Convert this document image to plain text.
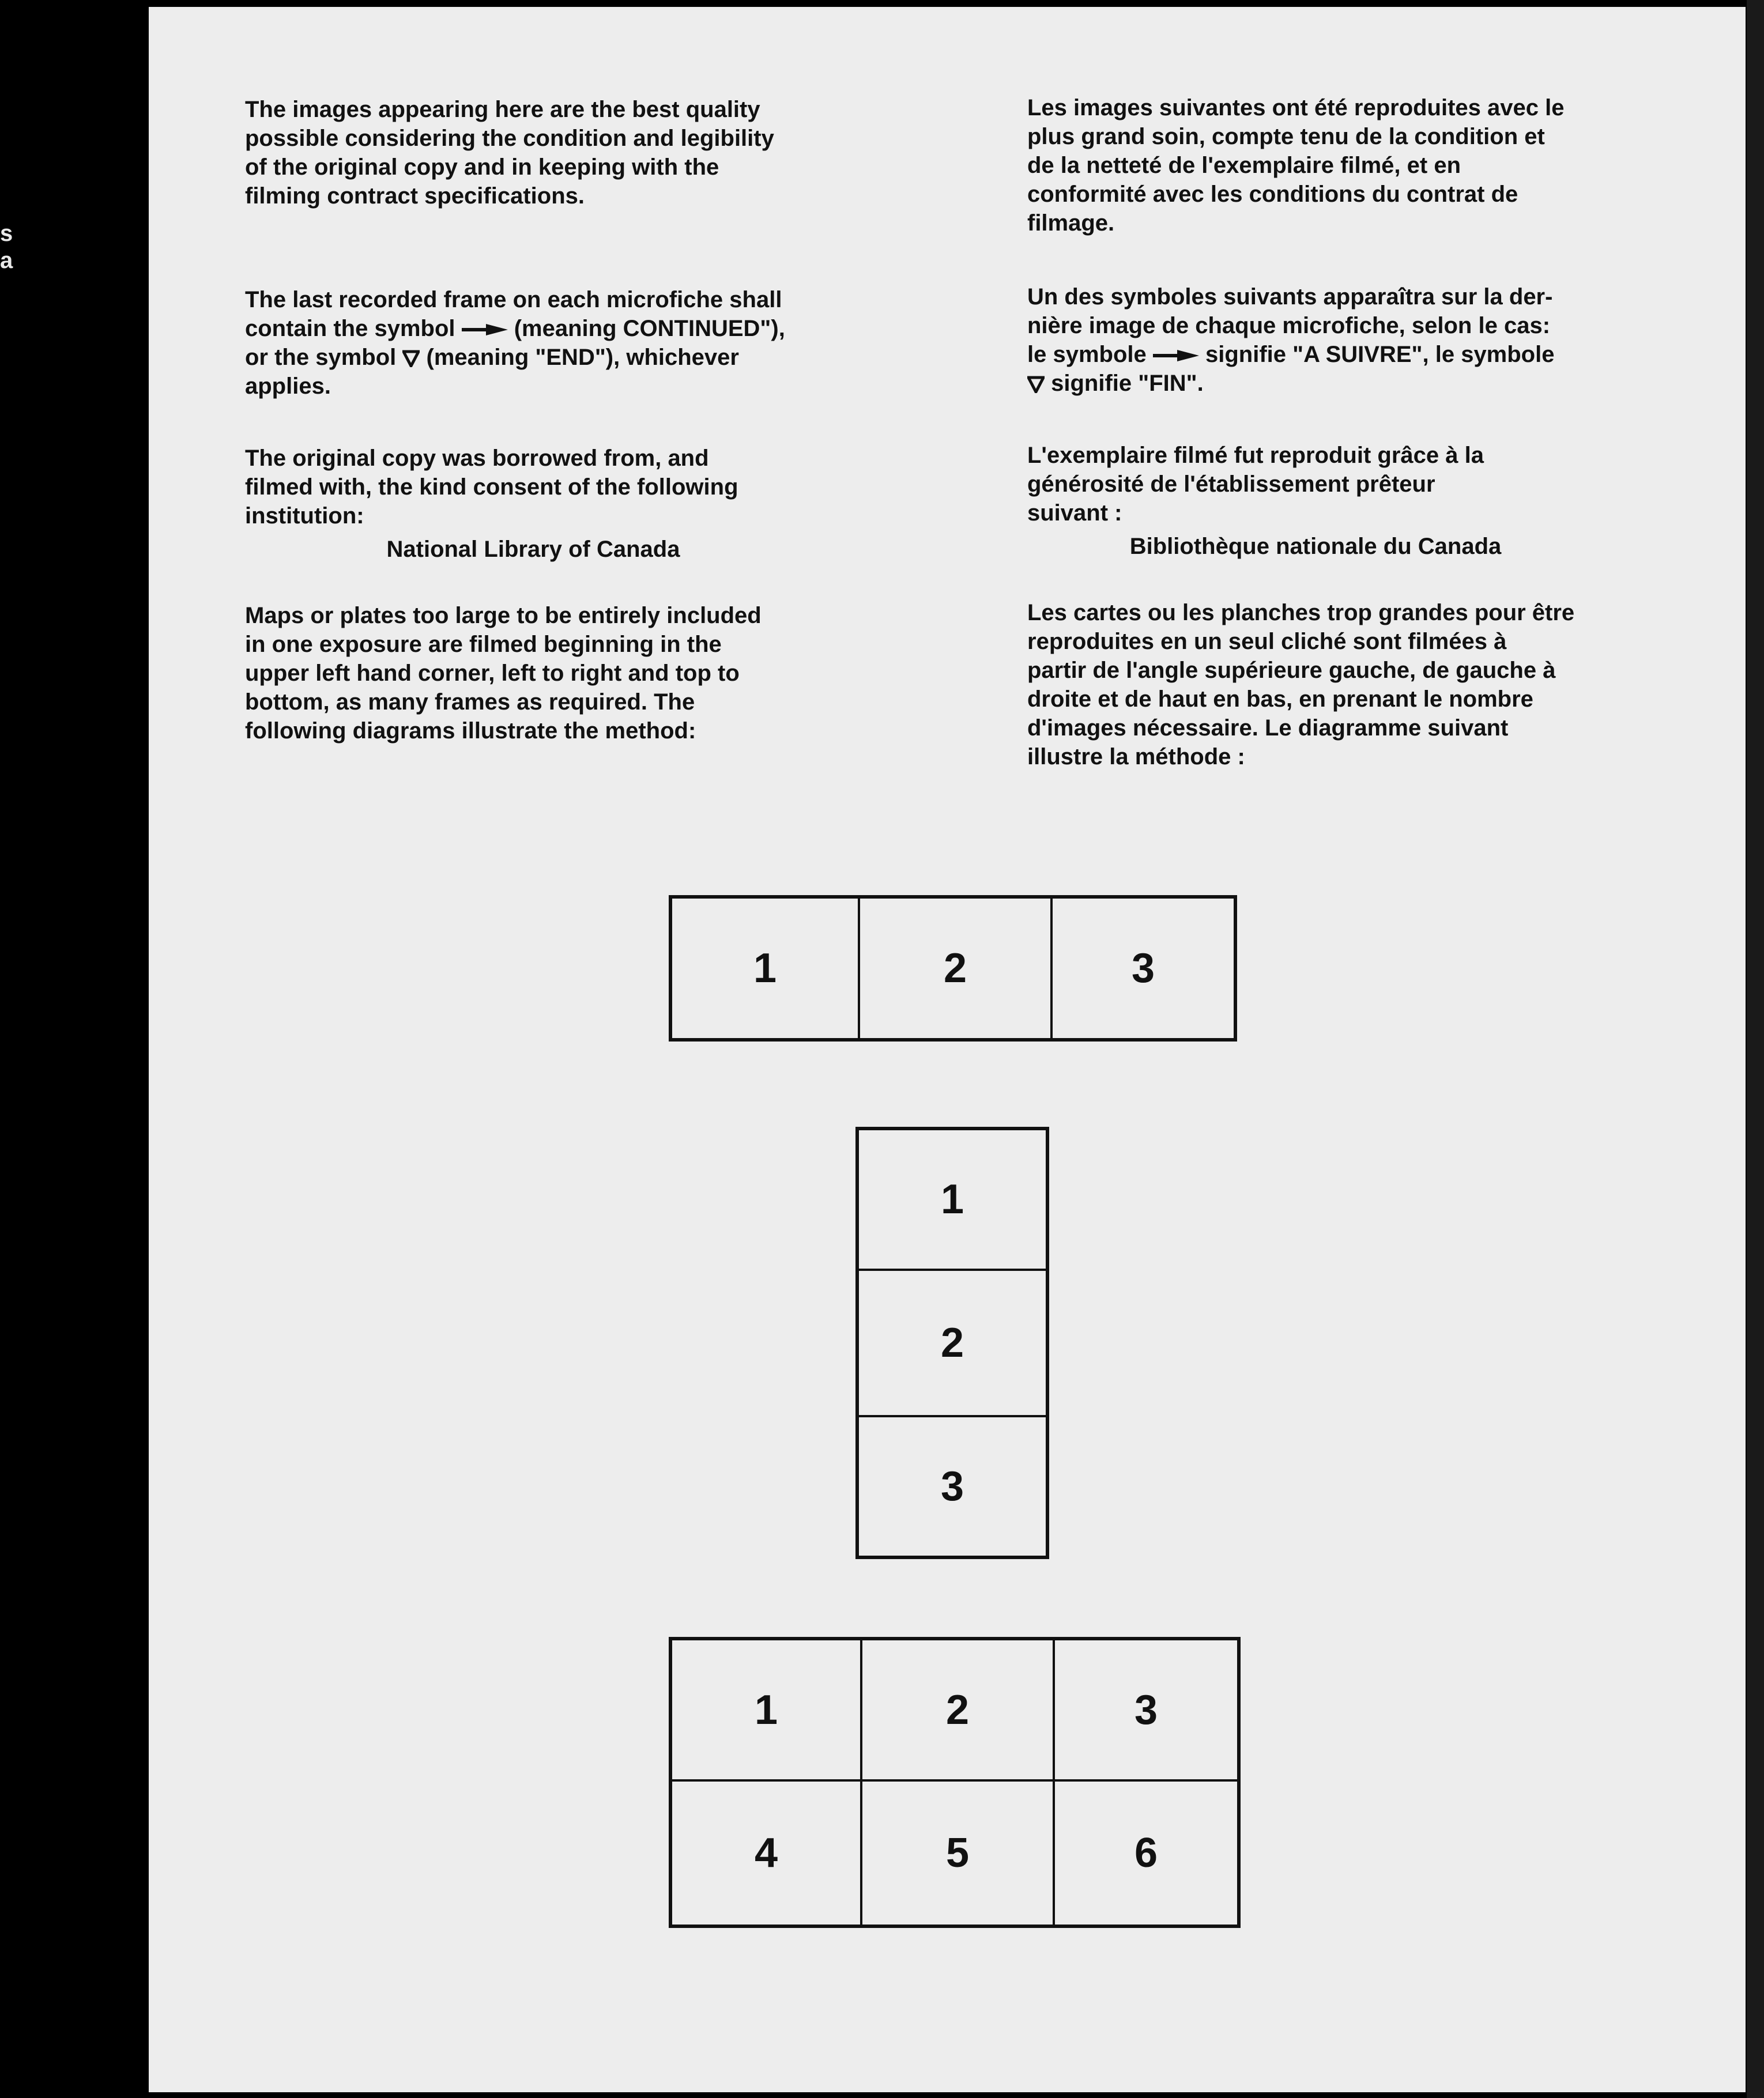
s
a

The images appearing here are the best quality
possible considering the condition and legibility
of the original copy and in keeping with the
filming contract specifications.

The last recorded frame on each microfiche shall
contain the symbol	(meaning CONTINUED"),
or the symbol  (meaning "END"), whichever
applies.

The original copy was borrowed from, and
filmed with, the kind consent of the following
institution:

National Library of Canada

Maps or plates too large to be entirely included
in one exposure are filmed beginning in the
upper left hand corner, left to right and top to
bottom, as many frames as required. The
following diagrams illustrate the method:

Les images suivantes ont été reproduites avec le
plus grand soin, compte tenu de la condition et
de la netteté de l'exemplaire filmé, et en
conformité avec les conditions du contrat de
filmage.

Un des symboles suivants apparaîtra sur la der-
nière image de chaque microfiche, selon le cas:
le symbole	signifie "A SUIVRE", le symbole
signifie "FIN".

L'exemplaire filmé fut reproduit grâce à la
générosité de l'établissement prêteur
suivant :

Bibliothèque nationale du Canada

Les cartes ou les planches trop grandes pour être
reproduites en un seul cliché sont filmées à
partir de l'angle supérieure gauche, de gauche à
droite et de haut en bas, en prenant le nombre
d'images nécessaire. Le diagramme suivant
illustre la méthode :

1	2	3
1
2
3
1	2	3
4	5	6
